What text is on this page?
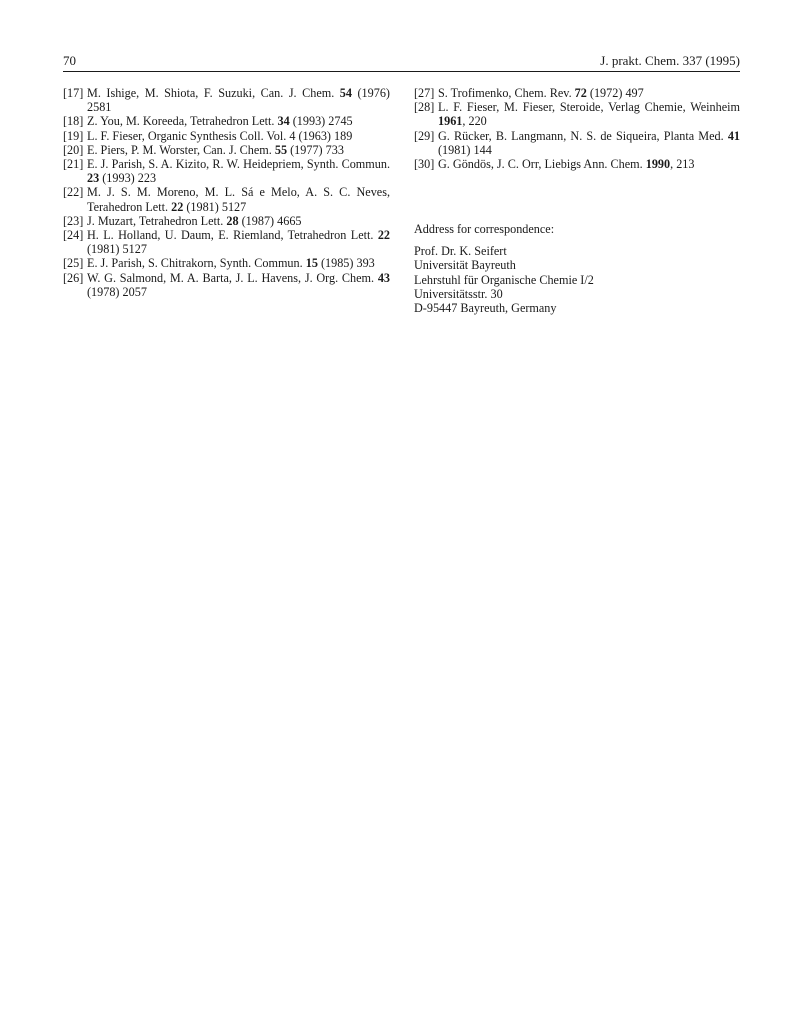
70	J. prakt. Chem. 337 (1995)
[17] M. Ishige, M. Shiota, F. Suzuki, Can. J. Chem. 54 (1976) 2581
[18] Z. You, M. Koreeda, Tetrahedron Lett. 34 (1993) 2745
[19] L. F. Fieser, Organic Synthesis Coll. Vol. 4 (1963) 189
[20] E. Piers, P. M. Worster, Can. J. Chem. 55 (1977) 733
[21] E. J. Parish, S. A. Kizito, R. W. Heidepriem, Synth. Commun. 23 (1993) 223
[22] M. J. S. M. Moreno, M. L. Sá e Melo, A. S. C. Neves, Terahedron Lett. 22 (1981) 5127
[23] J. Muzart, Tetrahedron Lett. 28 (1987) 4665
[24] H. L. Holland, U. Daum, E. Riemland, Tetrahedron Lett. 22 (1981) 5127
[25] E. J. Parish, S. Chitrakorn, Synth. Commun. 15 (1985) 393
[26] W. G. Salmond, M. A. Barta, J. L. Havens, J. Org. Chem. 43 (1978) 2057
[27] S. Trofimenko, Chem. Rev. 72 (1972) 497
[28] L. F. Fieser, M. Fieser, Steroide, Verlag Chemie, Weinheim 1961, 220
[29] G. Rücker, B. Langmann, N. S. de Siqueira, Planta Med. 41 (1981) 144
[30] G. Göndös, J. C. Orr, Liebigs Ann. Chem. 1990, 213
Address for correspondence:
Prof. Dr. K. Seifert
Universität Bayreuth
Lehrstuhl für Organische Chemie I/2
Universitätsstr. 30
D-95447 Bayreuth, Germany
